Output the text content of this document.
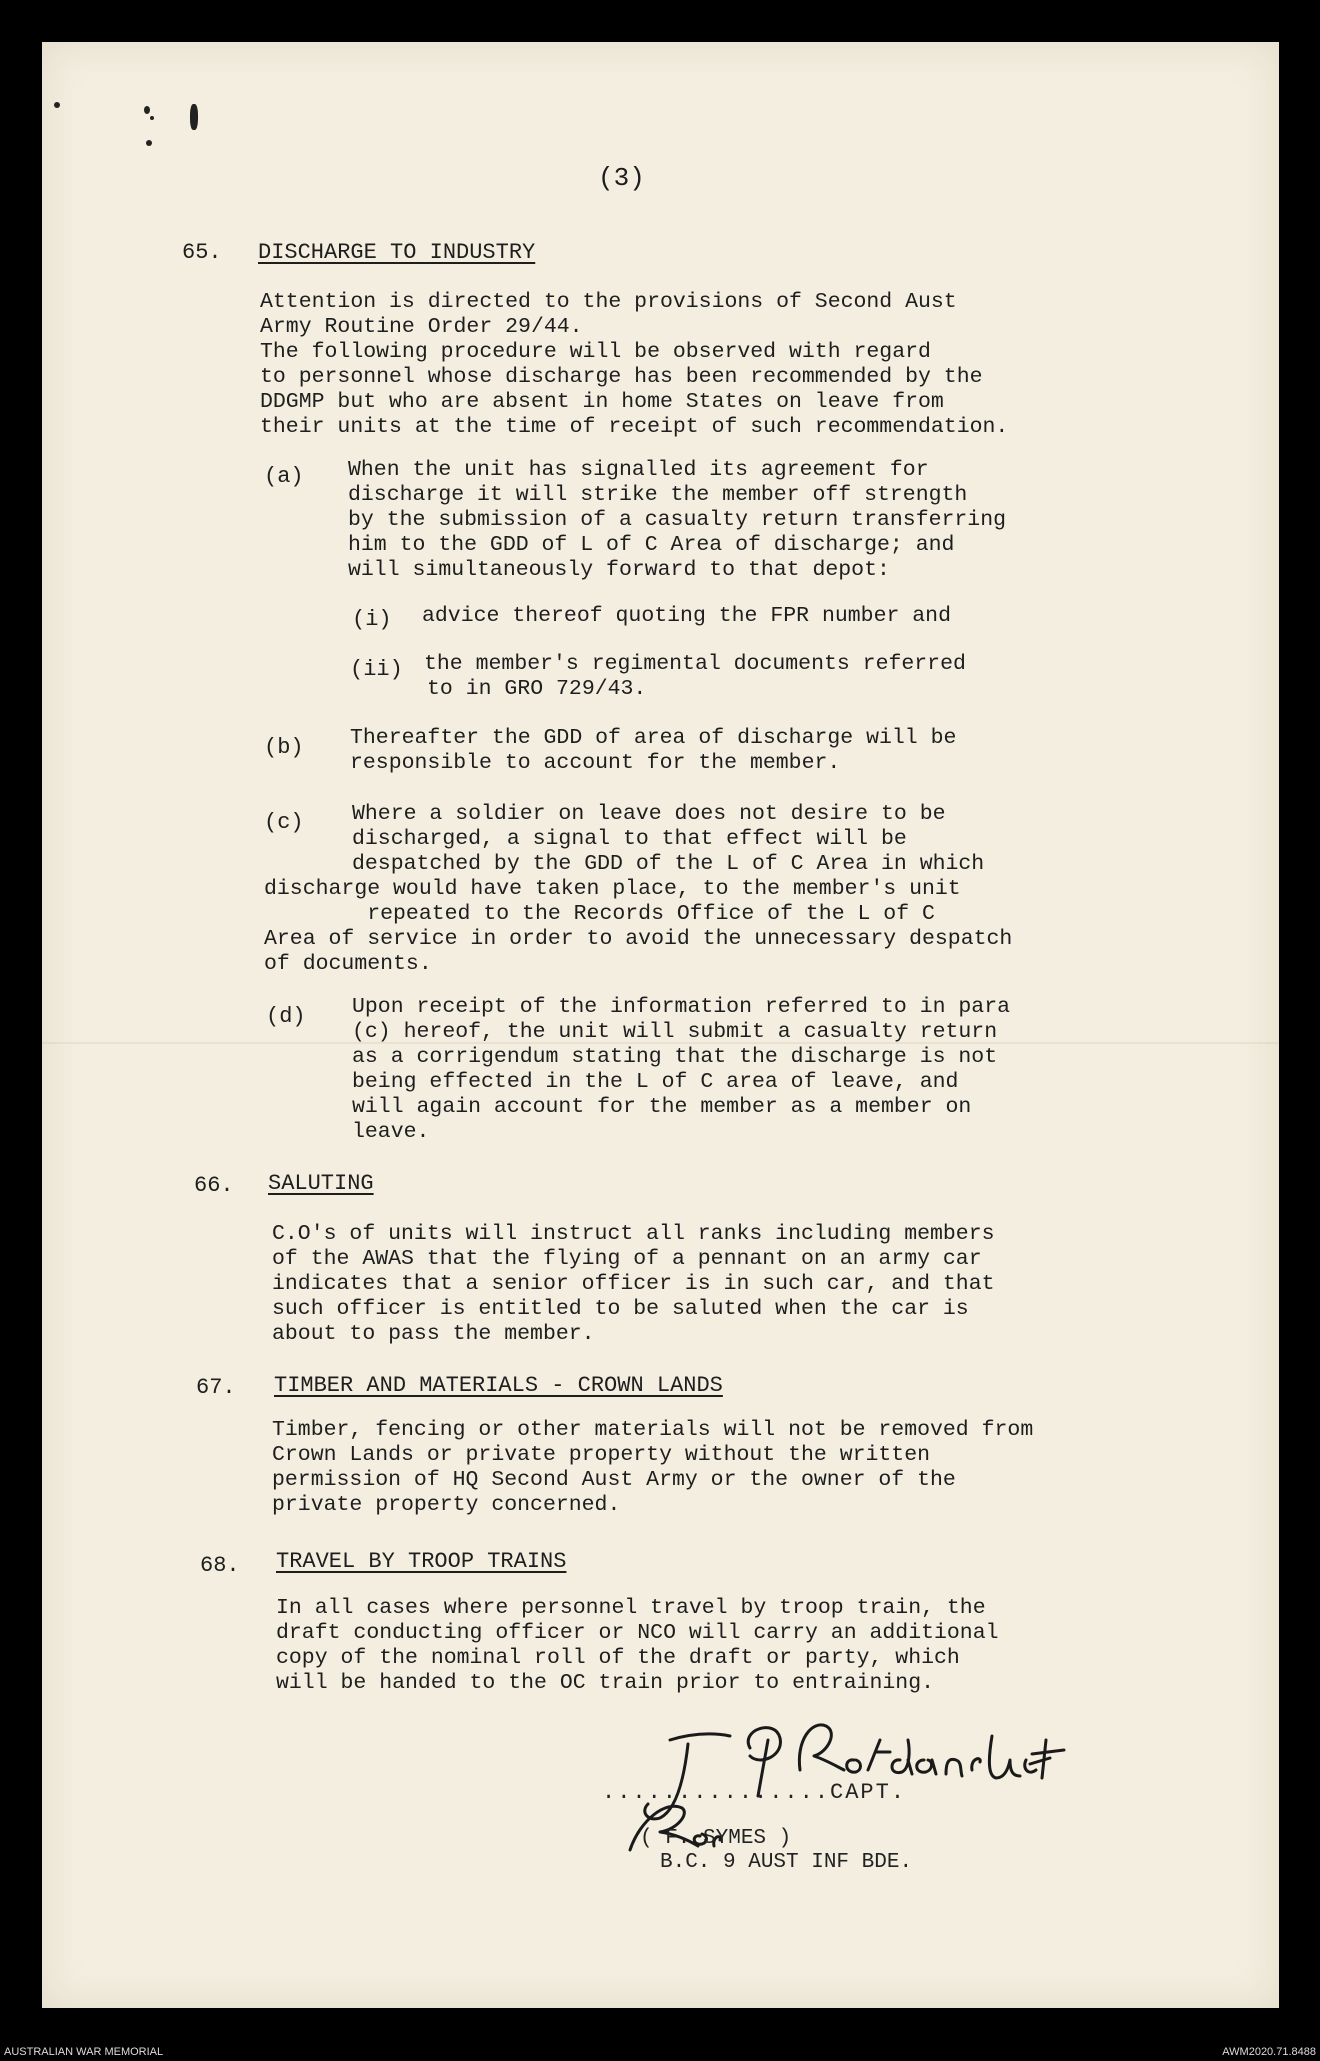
(3)
65. DISCHARGE TO INDUSTRY
Attention is directed to the provisions of Second Aust
Army Routine Order 29/44.
The following procedure will be observed with regard
to personnel whose discharge has been recommended by the
DDGMP but who are absent in home States on leave from
their units at the time of receipt of such recommendation.
(a) When the unit has signalled its agreement for
discharge it will strike the member off strength
by the submission of a casualty return transferring
him to the GDD of L of C Area of discharge; and
will simultaneously forward to that depot:
(i) advice thereof quoting the FPR number and
(ii) the member's regimental documents referred
to in GRO 729/43.
(b) Thereafter the GDD of area of discharge will be
responsible to account for the member.
(c) Where a soldier on leave does not desire to be
discharged, a signal to that effect will be
despatched by the GDD of the L of C Area in which
discharge would have taken place, to the member's unit
repeated to the Records Office of the L of C
Area of service in order to avoid the unnecessary despatch
of documents.
(d) Upon receipt of the information referred to in para
(c) hereof, the unit will submit a casualty return
as a corrigendum stating that the discharge is not
being effected in the L of C area of leave, and
will again account for the member as a member on
leave.
66. SALUTING
C.O's of units will instruct all ranks including members
of the AWAS that the flying of a pennant on an army car
indicates that a senior officer is in such car, and that
such officer is entitled to be saluted when the car is
about to pass the member.
67. TIMBER AND MATERIALS - CROWN LANDS
Timber, fencing or other materials will not be removed from
Crown Lands or private property without the written
permission of HQ Second Aust Army or the owner of the
private property concerned.
68. TRAVEL BY TROOP TRAINS
In all cases where personnel travel by troop train, the
draft conducting officer or NCO will carry an additional
copy of the nominal roll of the draft or party, which
will be handed to the OC train prior to entraining.
...............CAPT.
( F. SYMES )
B.C. 9 AUST INF BDE.
AUSTRALIAN WAR MEMORIAL	AWM2020.71.8488
